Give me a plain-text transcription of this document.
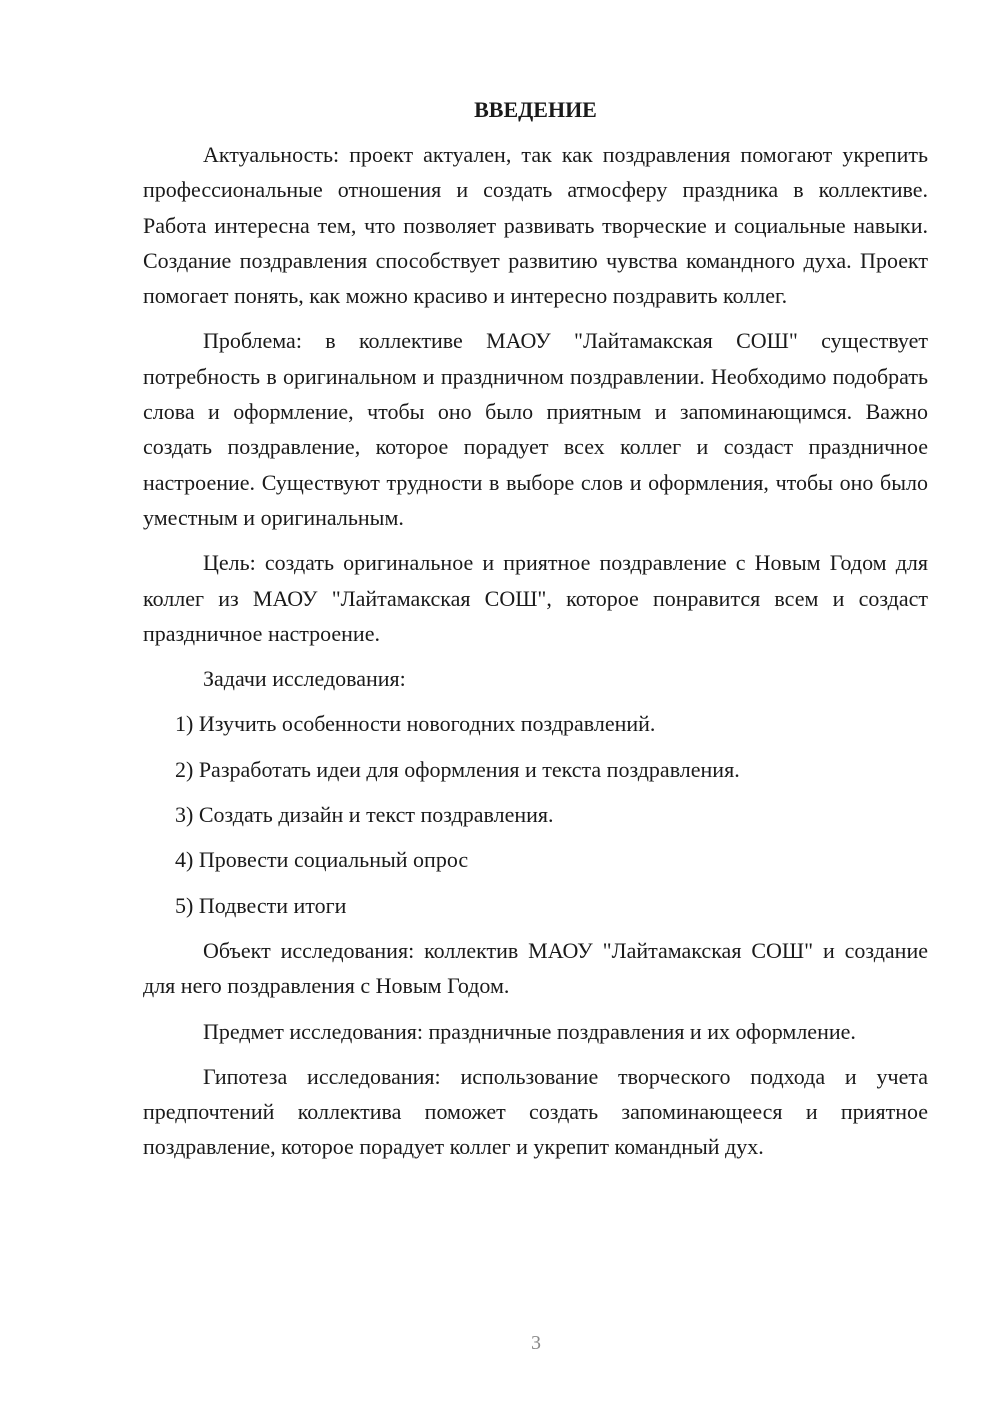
ВВЕДЕНИЕ

Актуальность: проект актуален, так как поздравления помогают укрепить профессиональные отношения и создать атмосферу праздника в коллективе. Работа интересна тем, что позволяет развивать творческие и социальные навыки. Создание поздравления способствует развитию чувства командного духа. Проект помогает понять, как можно красиво и интересно поздравить коллег.

Проблема: в коллективе МАОУ "Лайтамакская СОШ" существует потребность в оригинальном и праздничном поздравлении. Необходимо подобрать слова и оформление, чтобы оно было приятным и запоминающимся. Важно создать поздравление, которое порадует всех коллег и создаст праздничное настроение. Существуют трудности в выборе слов и оформления, чтобы оно было уместным и оригинальным.

Цель: создать оригинальное и приятное поздравление с Новым Годом для коллег из МАОУ "Лайтамакская СОШ", которое понравится всем и создаст праздничное настроение.

Задачи исследования:
1) Изучить особенности новогодних поздравлений.
2) Разработать идеи для оформления и текста поздравления.
3) Создать дизайн и текст поздравления.
4) Провести социальный опрос
5) Подвести итоги

Объект исследования: коллектив МАОУ "Лайтамакская СОШ" и создание для него поздравления с Новым Годом.

Предмет исследования: праздничные поздравления и их оформление.

Гипотеза исследования: использование творческого подхода и учета предпочтений коллектива поможет создать запоминающееся и приятное поздравление, которое порадует коллег и укрепит командный дух.

3
